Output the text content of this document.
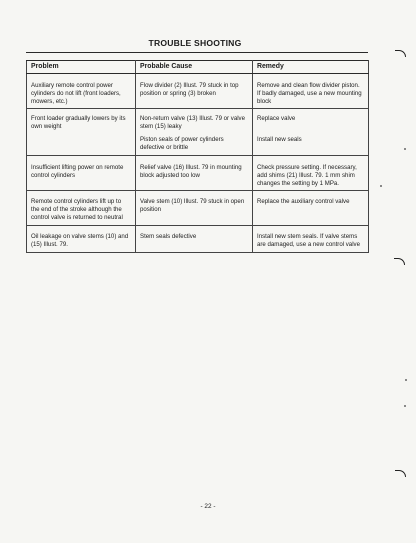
TROUBLE SHOOTING
Problem	Probable Cause	Remedy
Auxiliary remote control power cylinders do not lift (front loaders, mowers, etc.)	Flow divider (2) Illust. 79 stuck in top position or spring (3) broken	Remove and clean flow divider piston. If badly damaged, use a new mounting block
Front loader gradually lowers by its own weight	Non-return valve (13) Illust. 79 or valve stem (15) leaky	Replace valve
	Piston seals of power cylinders defective or brittle	Install new seals
Insufficient lifting power on remote control cylinders	Relief valve (16) Illust. 79 in mounting block adjusted too low	Check pressure setting. If necessary, add shims (21) Illust. 79. 1 mm shim changes the setting by 1 MPa.
Remote control cylinders lift up to the end of the stroke although the control valve is returned to neutral	Valve stem (10) Illust. 79 stuck in open position	Replace the auxiliary control valve
Oil leakage on valve stems (10) and (15) Illust. 79.	Stem seals defective	Install new stem seals. If valve stems are damaged, use a new control valve
- 22 -
